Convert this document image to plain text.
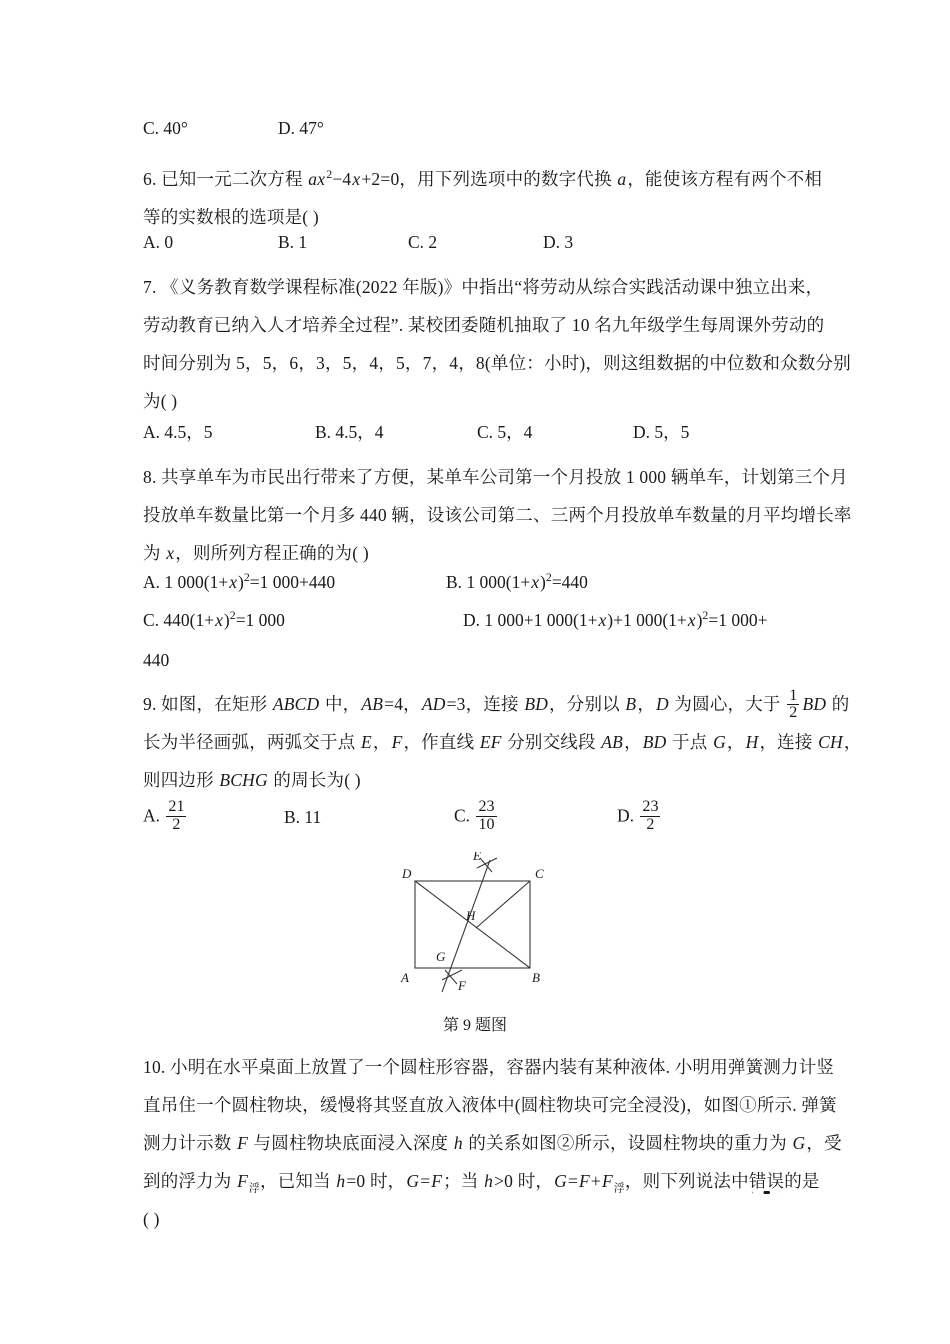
C. 40°	D. 47°
6. 已知一元二次方程 $ax^2-4x+2=0$，用下列选项中的数字代换 a，能使该方程有两个不相
等的实数根的选项是( )
A. 0	B. 1	C. 2	D. 3
7. 《义务教育数学课程标准(2022 年版)》中指出“将劳动从综合实践活动课中独立出来，
劳动教育已纳入人才培养全过程”. 某校团委随机抽取了 10 名九年级学生每周课外劳动的
时间分别为 5，5，6，3，5，4，5，7，4，8(单位：小时)，则这组数据的中位数和众数分别
为( )
A. 4.5，5	B. 4.5，4	C. 5，4	D. 5，5
8. 共享单车为市民出行带来了方便，某单车公司第一个月投放 1 000 辆单车，计划第三个月
投放单车数量比第一个月多 440 辆，设该公司第二、三两个月投放单车数量的月平均增长率
为 x，则所列方程正确的为( )
A. 1 $000(1+x)^2=1$ 000+440	B. 1 $000(1+x)^2=440$
C. $440(1+x)^2=1$ 000	D. 1 000+1 000(1+x)+1 $000(1+x)^2=1$ 000+
440
9. 如图，在矩形 ABCD 中，AB=4，AD=3，连接 BD，分别以 B，D 为圆心，大于 $\frac{1}{2}$ BD 的
长为半径画弧，两弧交于点 E，F，作直线 EF 分别交线段 AB，BD 于点 G，H，连接 CH，
则四边形 BCHG 的周长为( )
A. $\frac{21}{2}$	B. 11	C. $\frac{23}{10}$	D. $\frac{23}{2}$
D	C
A	B
E
F
G
H
第 9 题图
10. 小明在水平桌面上放置了一个圆柱形容器，容器内装有某种液体. 小明用弹簧测力计竖
直吊住一个圆柱物块，缓慢将其竖直放入液体中(圆柱物块可完全浸没)，如图①所示. 弹簧
测力计示数 F 与圆柱物块底面浸入深度 h 的关系如图②所示，设圆柱物块的重力为 G，受
到的浮力为 $F_浮$，已知当 h=0 时，G=F；当 h>0 时，$G=F+F_浮$，则下列说法中错误的是
( )
